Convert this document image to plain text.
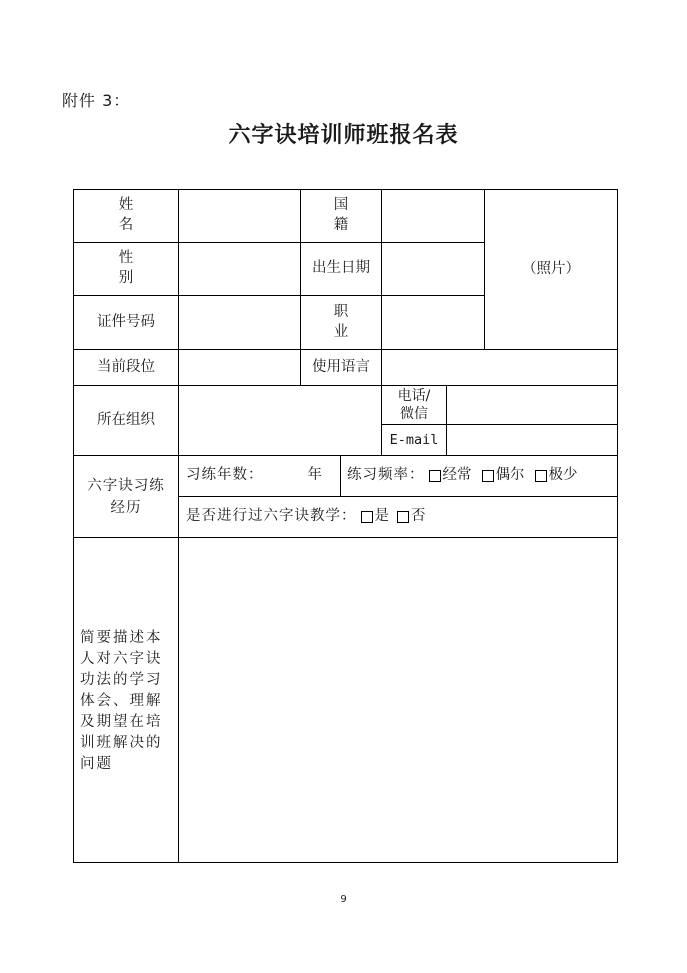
附件 3：
六字诀培训师班报名表
姓 名
国 籍
（照片）
性 别
出生日期
证件号码
职 业
当前段位	使用语言
所在组织
电话/微信
E-mail
六字诀习练经历
习练年数：	年 练习频率： 经常 偶尔 极少
是否进行过六字诀教学： 是 否
简要描述本人对六字诀功法的学习体会、理解及期望在培训班解决的问题
9
